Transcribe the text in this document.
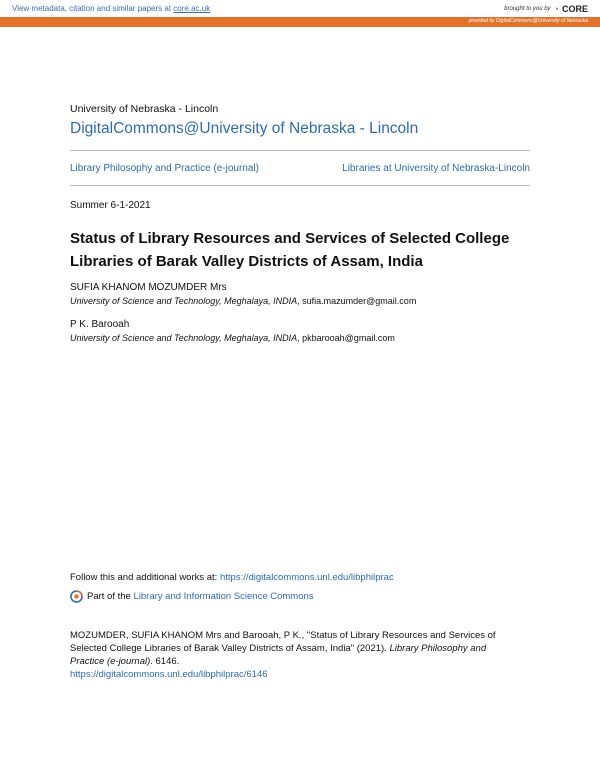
View metadata, citation and similar papers at core.ac.uk	brought to you by ◔ CORE
provided by DigitalCommons@University of Nebraska
University of Nebraska - Lincoln
DigitalCommons@University of Nebraska - Lincoln
Library Philosophy and Practice (e-journal)	Libraries at University of Nebraska-Lincoln
Summer 6-1-2021
Status of Library Resources and Services of Selected College Libraries of Barak Valley Districts of Assam, India
SUFIA KHANOM MOZUMDER Mrs
University of Science and Technology, Meghalaya, INDIA, sufia.mazumder@gmail.com
P K. Barooah
University of Science and Technology, Meghalaya, INDIA, pkbarooah@gmail.com
Follow this and additional works at: https://digitalcommons.unl.edu/libphilprac
Part of the Library and Information Science Commons
MOZUMDER, SUFIA KHANOM Mrs and Barooah, P K., "Status of Library Resources and Services of Selected College Libraries of Barak Valley Districts of Assam, India" (2021). Library Philosophy and Practice (e-journal). 6146.
https://digitalcommons.unl.edu/libphilprac/6146
